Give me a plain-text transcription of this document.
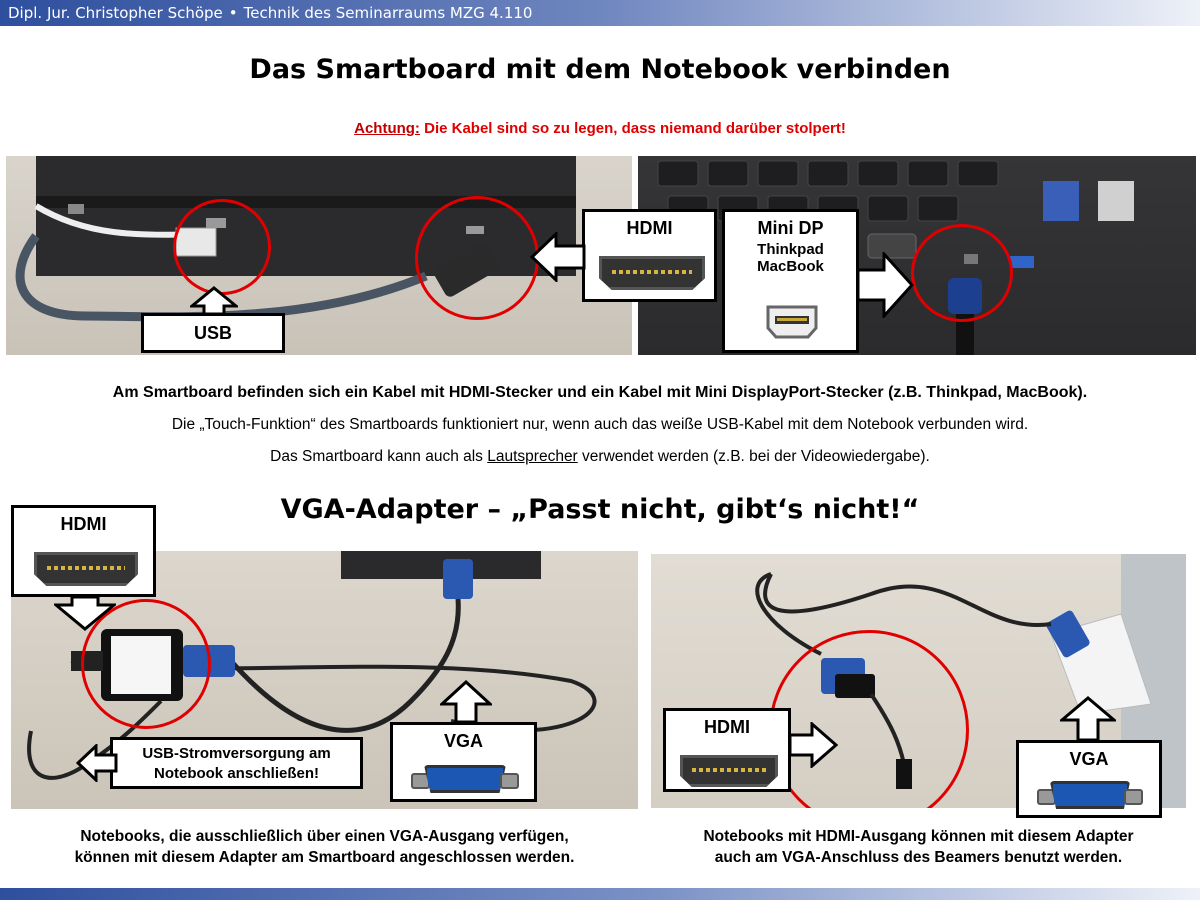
Dipl. Jur. Christopher Schöpe • Technik des Seminarraums MZG 4.110
Das Smartboard mit dem Notebook verbinden
Achtung: Die Kabel sind so zu legen, dass niemand darüber stolpert!
USB
HDMI	Mini DP
Thinkpad
MacBook
Am Smartboard befinden sich ein Kabel mit HDMI-Stecker und ein Kabel mit Mini DisplayPort-Stecker (z.B. Thinkpad, MacBook).
Die „Touch-Funktion“ des Smartboards funktioniert nur, wenn auch das weiße USB-Kabel mit dem Notebook verbunden wird.
Das Smartboard kann auch als Lautsprecher verwendet werden (z.B. bei der Videowiedergabe).
VGA-Adapter – „Passt nicht, gibt‘s nicht!“
HDMI
USB-Stromversorgung am
Notebook anschließen!
VGA
HDMI
VGA
Notebooks, die ausschließlich über einen VGA-Ausgang verfügen,
können mit diesem Adapter am Smartboard angeschlossen werden.
Notebooks mit HDMI-Ausgang können mit diesem Adapter
auch am VGA-Anschluss des Beamers benutzt werden.
